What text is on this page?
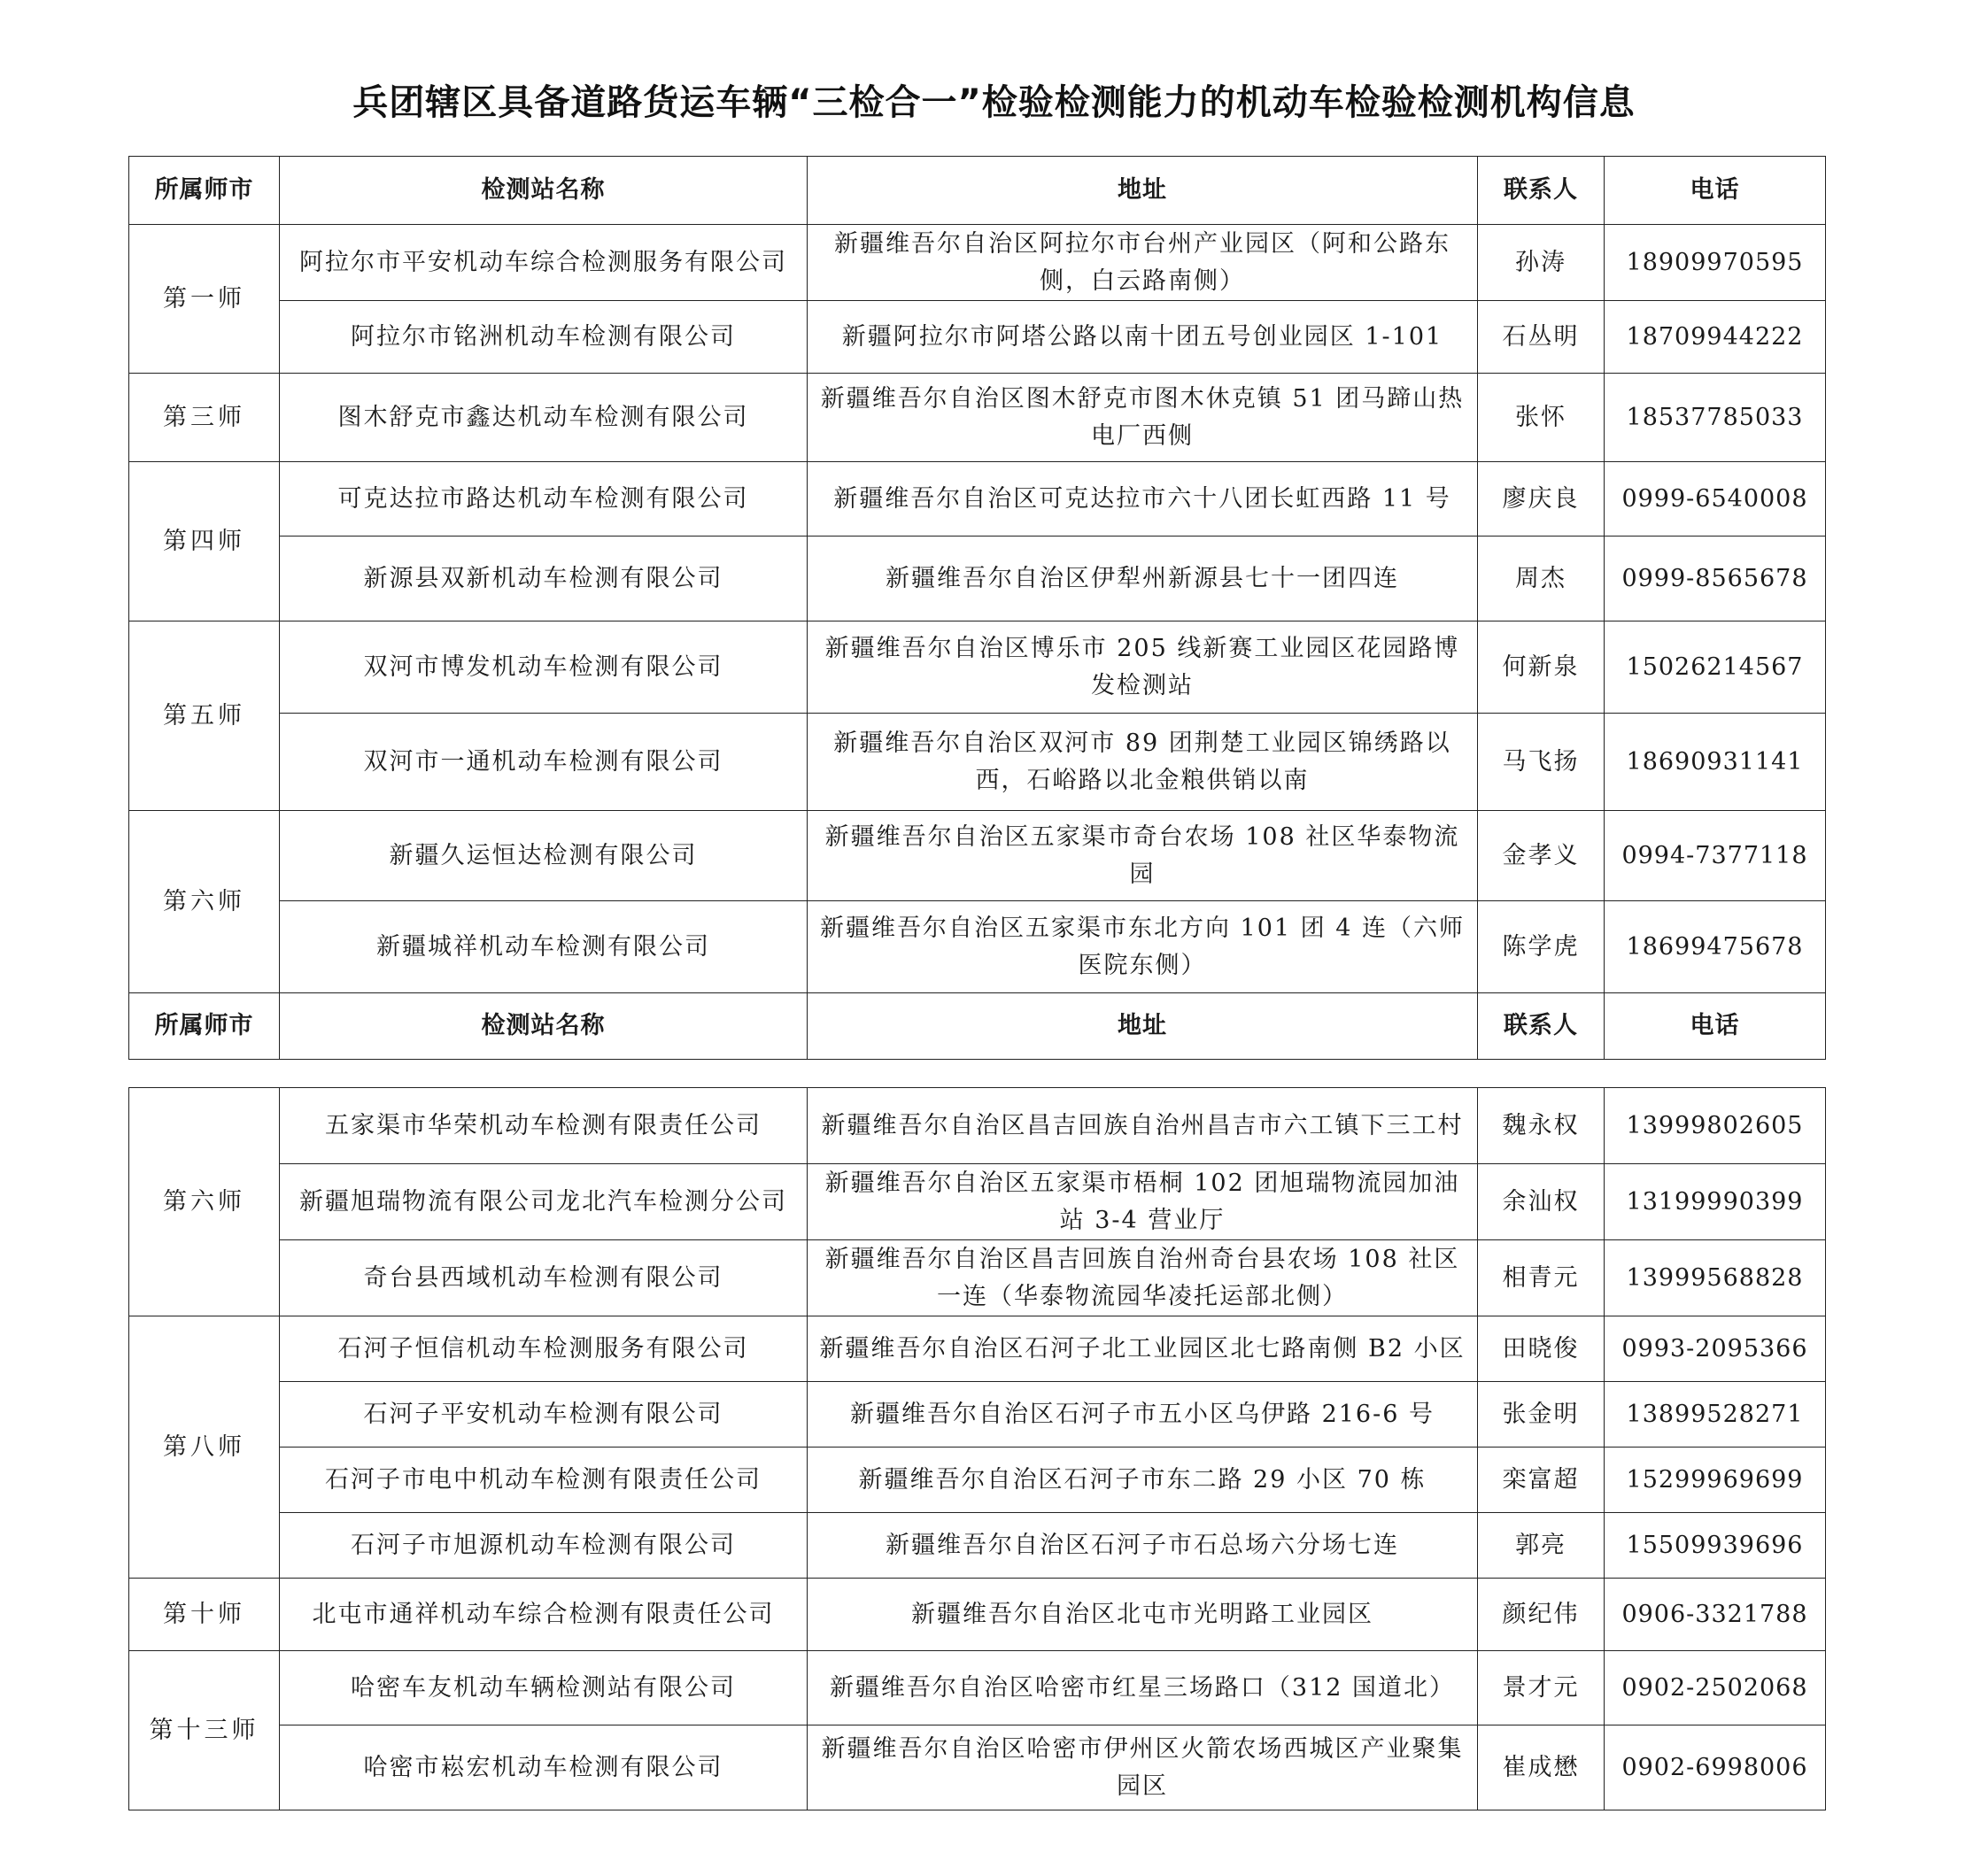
兵团辖区具备道路货运车辆“三检合一”检验检测能力的机动车检验检测机构信息
所属师市	检测站名称	地址	联系人	电话
第一师	阿拉尔市平安机动车综合检测服务有限公司	新疆维吾尔自治区阿拉尔市台州产业园区（阿和公路东侧，白云路南侧）	孙涛	18909970595
	阿拉尔市铭洲机动车检测有限公司	新疆阿拉尔市阿塔公路以南十团五号创业园区 1-101	石丛明	18709944222
第三师	图木舒克市鑫达机动车检测有限公司	新疆维吾尔自治区图木舒克市图木休克镇 51 团马蹄山热电厂西侧	张怀	18537785033
第四师	可克达拉市路达机动车检测有限公司	新疆维吾尔自治区可克达拉市六十八团长虹西路 11 号	廖庆良	0999-6540008
	新源县双新机动车检测有限公司	新疆维吾尔自治区伊犁州新源县七十一团四连	周杰	0999-8565678
第五师	双河市博发机动车检测有限公司	新疆维吾尔自治区博乐市 205 线新赛工业园区花园路博发检测站	何新泉	15026214567
	双河市一通机动车检测有限公司	新疆维吾尔自治区双河市 89 团荆楚工业园区锦绣路以西，石峪路以北金粮供销以南	马飞扬	18690931141
第六师	新疆久运恒达检测有限公司	新疆维吾尔自治区五家渠市奇台农场 108 社区华泰物流园	金孝义	0994-7377118
	新疆城祥机动车检测有限公司	新疆维吾尔自治区五家渠市东北方向 101 团 4 连（六师医院东侧）	陈学虎	18699475678
所属师市	检测站名称	地址	联系人	电话
第六师	五家渠市华荣机动车检测有限责任公司	新疆维吾尔自治区昌吉回族自治州昌吉市六工镇下三工村	魏永权	13999802605
	新疆旭瑞物流有限公司龙北汽车检测分公司	新疆维吾尔自治区五家渠市梧桐 102 团旭瑞物流园加油站 3-4 营业厅	余汕权	13199990399
	奇台县西域机动车检测有限公司	新疆维吾尔自治区昌吉回族自治州奇台县农场 108 社区一连（华泰物流园华凌托运部北侧）	相青元	13999568828
第八师	石河子恒信机动车检测服务有限公司	新疆维吾尔自治区石河子北工业园区北七路南侧 B2 小区	田晓俊	0993-2095366
	石河子平安机动车检测有限公司	新疆维吾尔自治区石河子市五小区乌伊路 216-6 号	张金明	13899528271
	石河子市电中机动车检测有限责任公司	新疆维吾尔自治区石河子市东二路 29 小区 70 栋	栾富超	15299969699
	石河子市旭源机动车检测有限公司	新疆维吾尔自治区石河子市石总场六分场七连	郭亮	15509939696
第十师	北屯市通祥机动车综合检测有限责任公司	新疆维吾尔自治区北屯市光明路工业园区	颜纪伟	0906-3321788
第十三师	哈密车友机动车辆检测站有限公司	新疆维吾尔自治区哈密市红星三场路口（312 国道北）	景才元	0902-2502068
	哈密市崧宏机动车检测有限公司	新疆维吾尔自治区哈密市伊州区火箭农场西城区产业聚集园区	崔成懋	0902-6998006
